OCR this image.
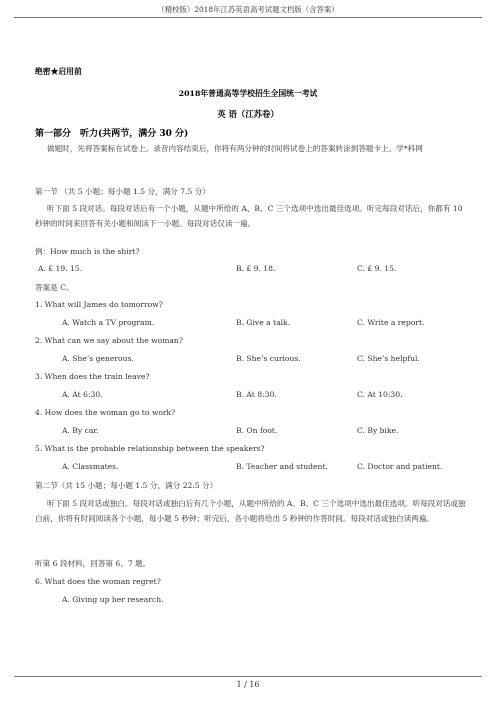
（精校版）2018年江苏英语高考试题文档版（含答案）
绝密★启用前
2018年普通高等学校招生全国统一考试
英 语（江苏卷）
第一部分　听力(共两节，满分 30 分)
做题时，先将答案标在试卷上。录音内容结束后，你将有两分钟的时间将试卷上的答案转涂到答题卡上。学*科网
第一节 （共 5 小题；每小题 1.5 分，满分 7.5 分）
听下面 5 段对话。每段对话后有一个小题，从题中所给的 A、B、C 三个选项中选出最佳选项。听完每段对话后，你都有 10 秒钟的时间来回答有关小题和阅读下一小题。每段对话仅读一遍。
例：How much is the shirt?
A. £ 19. 15.	B. £ 9. 18.	C. £ 9. 15.
答案是 C。
1. What will James do tomorrow?
A. Watch a TV program.	B. Give a talk.	C. Write a report.
2. What can we say about the woman?
A. She’s generous.	B. She’s curious.	C. She’s helpful.
3. When does the train leave?
A. At 6:30.	B. At 8:30.	C. At 10:30.
4. How does the woman go to work?
A. By car.	B. On foot.	C. By bike.
5. What is the probable relationship between the speakers?
A. Classmates.	B. Teacher and student.	C. Doctor and patient.
第二节（共 15 小题；每小题 1.5 分，满分 22.5 分）
听下面 5 段对话或独白。每段对话或独白后有几个小题，从题中所给的 A、B、C 三个选项中选出最佳选项。听每段对话或独白前，你将有时间阅读各个小题，每小题 5 秒钟；听完后，各小题将给出 5 秒钟的作答时间。每段对话或独白读两遍。
听第 6 段材料，回答第 6、7 题。
6. What does the woman regret?
A. Giving up her research.
1 / 16
